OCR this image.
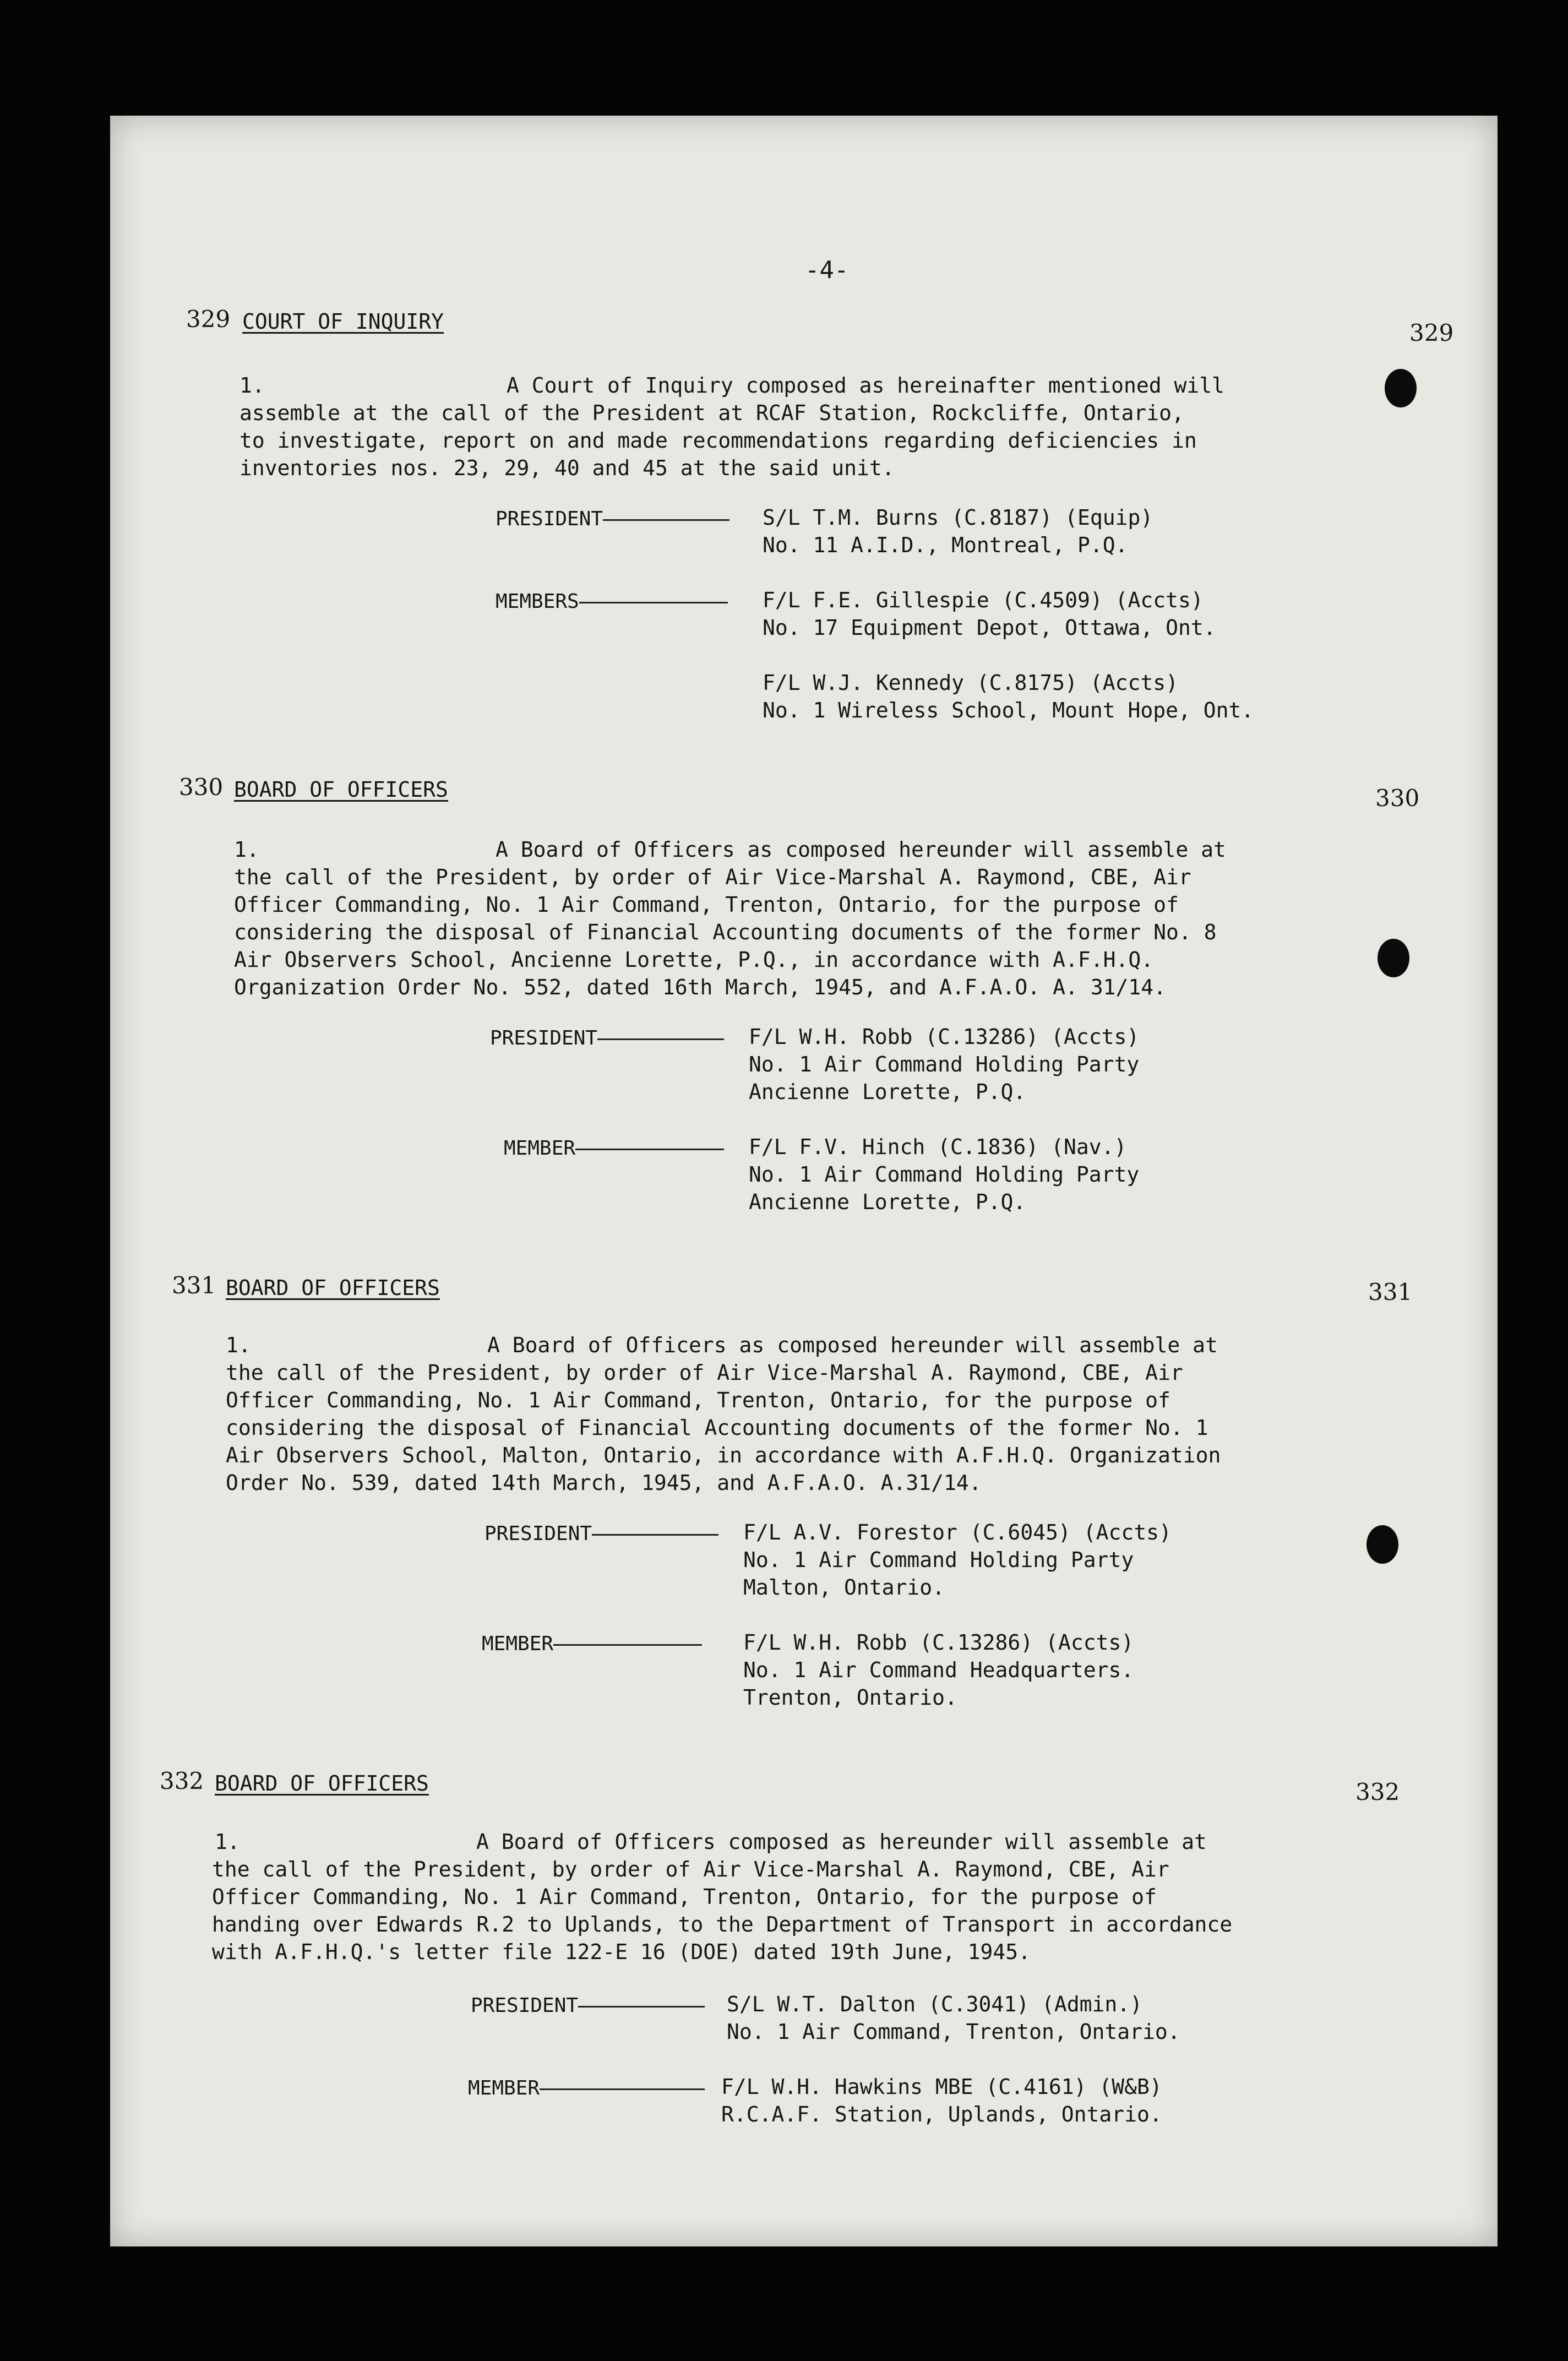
-4-
329 COURT OF INQUIRY	329
1.	A Court of Inquiry composed as hereinafter mentioned will
assemble at the call of the President at RCAF Station, Rockcliffe, Ontario,
to investigate, report on and made recommendations regarding deficiencies in
inventories nos. 23, 29, 40 and 45 at the said unit.
PRESIDENT	S/L T.M. Burns (C.8187) (Equip)
No. 11 A.I.D., Montreal, P.Q.
MEMBERS	F/L F.E. Gillespie (C.4509) (Accts)
No. 17 Equipment Depot, Ottawa, Ont.
F/L W.J. Kennedy (C.8175) (Accts)
No. 1 Wireless School, Mount Hope, Ont.
330 BOARD OF OFFICERS	330
1.	A Board of Officers as composed hereunder will assemble at
the call of the President, by order of Air Vice-Marshal A. Raymond, CBE, Air
Officer Commanding, No. 1 Air Command, Trenton, Ontario, for the purpose of
considering the disposal of Financial Accounting documents of the former No. 8
Air Observers School, Ancienne Lorette, P.Q., in accordance with A.F.H.Q.
Organization Order No. 552, dated 16th March, 1945, and A.F.A.O. A. 31/14.
PRESIDENT	F/L W.H. Robb (C.13286) (Accts)
No. 1 Air Command Holding Party
Ancienne Lorette, P.Q.
MEMBER	F/L F.V. Hinch (C.1836) (Nav.)
No. 1 Air Command Holding Party
Ancienne Lorette, P.Q.
331 BOARD OF OFFICERS	331
1.	A Board of Officers as composed hereunder will assemble at
the call of the President, by order of Air Vice-Marshal A. Raymond, CBE, Air
Officer Commanding, No. 1 Air Command, Trenton, Ontario, for the purpose of
considering the disposal of Financial Accounting documents of the former No. 1
Air Observers School, Malton, Ontario, in accordance with A.F.H.Q. Organization
Order No. 539, dated 14th March, 1945, and A.F.A.O. A.31/14.
PRESIDENT	F/L A.V. Forestor (C.6045) (Accts)
No. 1 Air Command Holding Party
Malton, Ontario.
MEMBER	F/L W.H. Robb (C.13286) (Accts)
No. 1 Air Command Headquarters.
Trenton, Ontario.
332 BOARD OF OFFICERS	332
1.	A Board of Officers composed as hereunder will assemble at
the call of the President, by order of Air Vice-Marshal A. Raymond, CBE, Air
Officer Commanding, No. 1 Air Command, Trenton, Ontario, for the purpose of
handing over Edwards R.2 to Uplands, to the Department of Transport in accordance
with A.F.H.Q.'s letter file 122-E 16 (DOE) dated 19th June, 1945.
PRESIDENT	S/L W.T. Dalton (C.3041) (Admin.)
No. 1 Air Command, Trenton, Ontario.
MEMBER	F/L W.H. Hawkins MBE (C.4161) (W&B)
R.C.A.F. Station, Uplands, Ontario.
